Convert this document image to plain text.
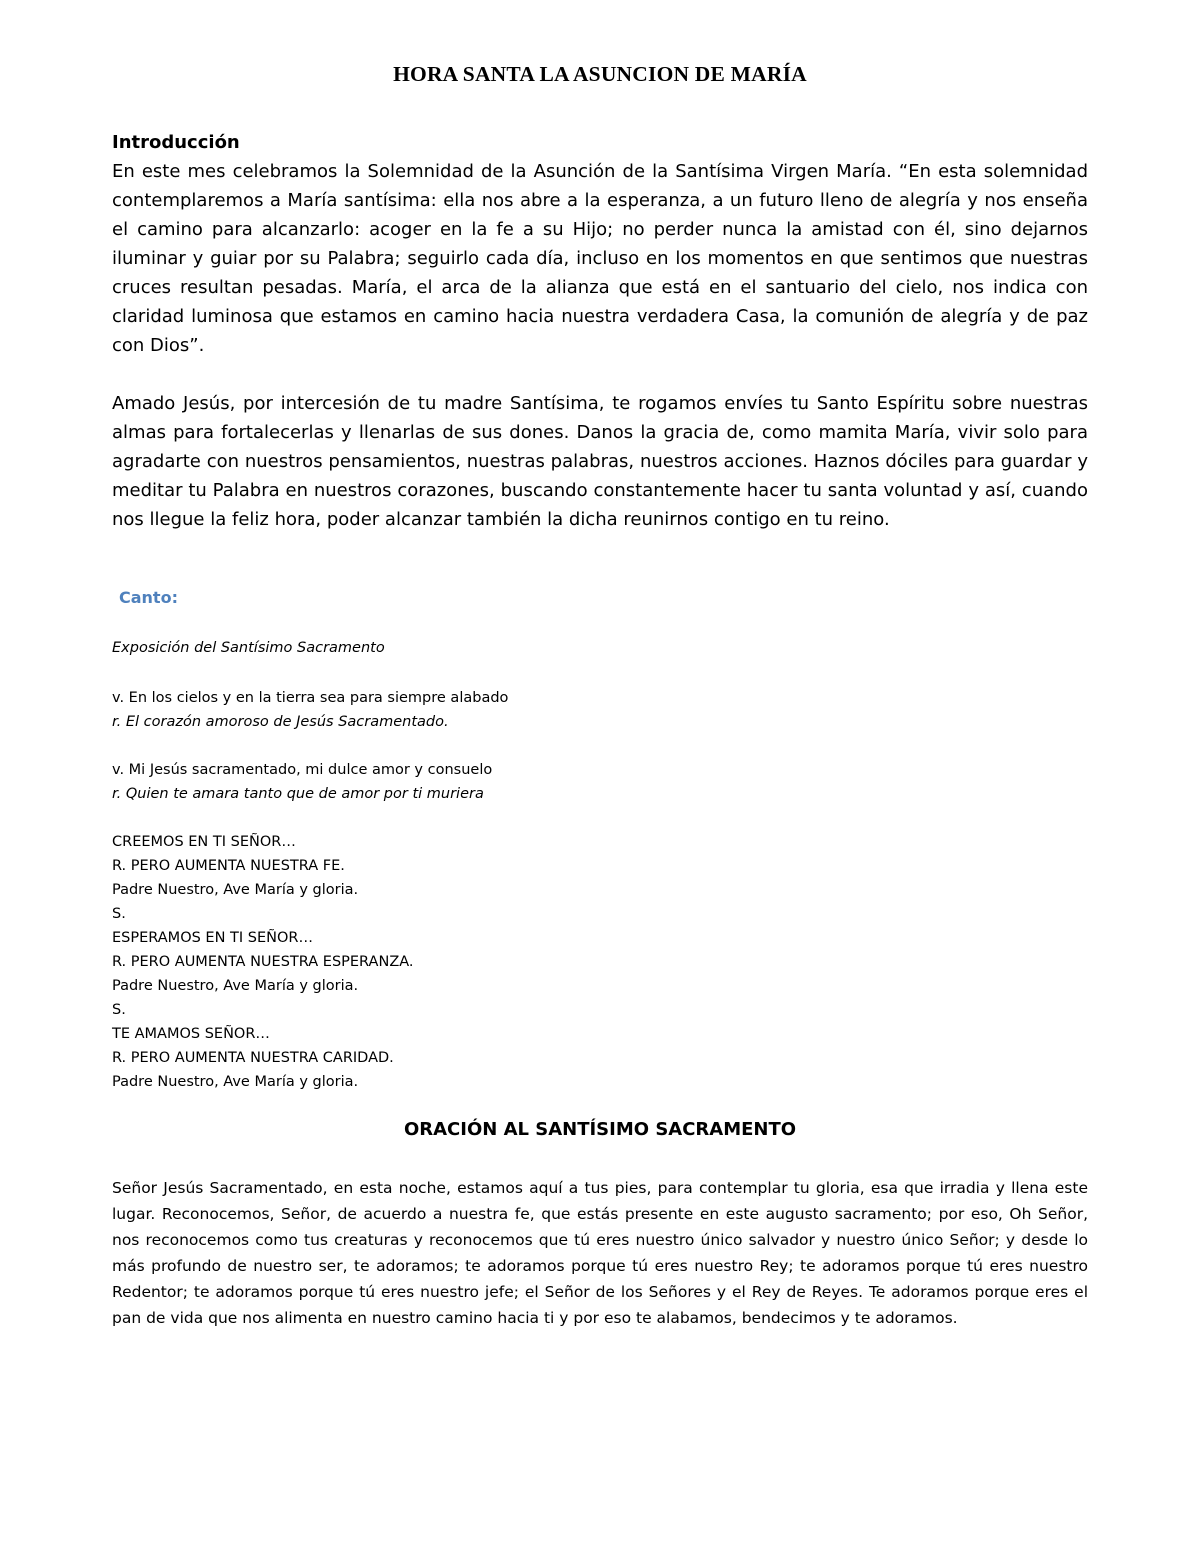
HORA SANTA LA ASUNCION DE MARÍA
Introducción

En este mes celebramos la Solemnidad de la Asunción de la Santísima Virgen María. “En esta solemnidad contemplaremos a María santísima: ella nos abre a la esperanza, a un futuro lleno de alegría y nos enseña el camino para alcanzarlo: acoger en la fe a su Hijo; no perder nunca la amistad con él, sino dejarnos iluminar y guiar por su Palabra; seguirlo cada día, incluso en los momentos en que sentimos que nuestras cruces resultan pesadas. María, el arca de la alianza que está en el santuario del cielo, nos indica con claridad luminosa que estamos en camino hacia nuestra verdadera Casa, la comunión de alegría y de paz con Dios”.

Amado Jesús, por intercesión de tu madre Santísima, te rogamos envíes tu Santo Espíritu sobre nuestras almas para fortalecerlas y llenarlas de sus dones. Danos la gracia de, como mamita María, vivir solo para agradarte con nuestros pensamientos, nuestras palabras, nuestros acciones. Haznos dóciles para guardar y meditar tu Palabra en nuestros corazones, buscando constantemente hacer tu santa voluntad y así, cuando nos llegue la feliz hora, poder alcanzar también la dicha reunirnos contigo en tu reino.

Canto:
Exposición del Santísimo Sacramento
v. En los cielos y en la tierra sea para siempre alabado
r. El corazón amoroso de Jesús Sacramentado.
v. Mi Jesús sacramentado, mi dulce amor y consuelo
r. Quien te amara tanto que de amor por ti muriera
CREEMOS EN TI SEÑOR…
R. PERO AUMENTA NUESTRA FE.
Padre Nuestro, Ave María y gloria.
S.
ESPERAMOS EN TI SEÑOR…
R. PERO AUMENTA NUESTRA ESPERANZA.
Padre Nuestro, Ave María y gloria.
S.
TE AMAMOS SEÑOR…
R. PERO AUMENTA NUESTRA CARIDAD.
Padre Nuestro, Ave María y gloria.
ORACIÓN AL SANTÍSIMO SACRAMENTO

Señor Jesús Sacramentado, en esta noche, estamos aquí a tus pies, para contemplar tu gloria, esa que irradia y llena este lugar. Reconocemos, Señor, de acuerdo a nuestra fe, que estás presente en este augusto sacramento; por eso, Oh Señor, nos reconocemos como tus creaturas y reconocemos que tú eres nuestro único salvador y nuestro único Señor; y desde lo más profundo de nuestro ser, te adoramos; te adoramos porque tú eres nuestro Rey; te adoramos porque tú eres nuestro Redentor; te adoramos porque tú eres nuestro jefe; el Señor de los Señores y el Rey de Reyes. Te adoramos porque eres el pan de vida que nos alimenta en nuestro camino hacia ti y por eso te alabamos, bendecimos y te adoramos.
